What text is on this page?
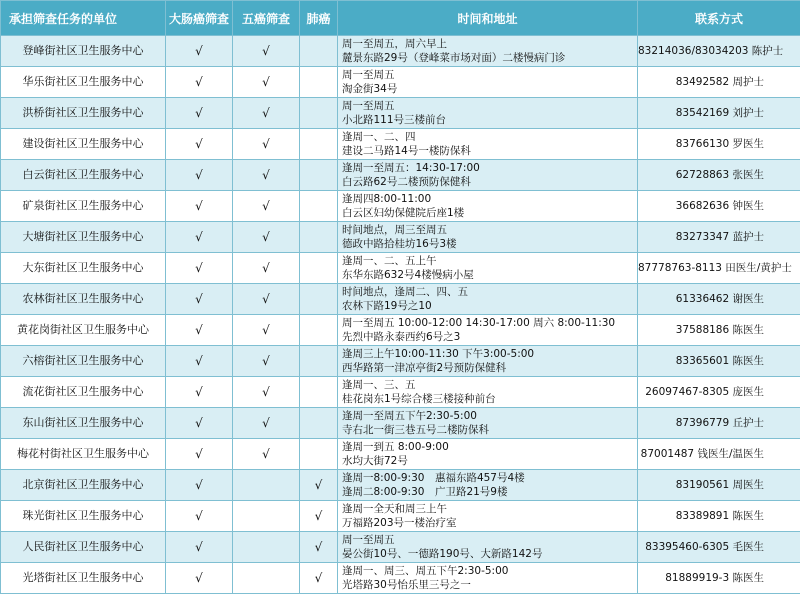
承担筛查任务的单位	大肠癌筛查	五癌筛查	肺癌	时间和地址	联系方式
登峰街社区卫生服务中心	√	√		周一至周五，周六早上
麓景东路29号（登峰菜市场对面）二楼慢病门诊	83214036/83034203 陈护士
华乐街社区卫生服务中心	√	√		周一至周五
淘金街34号	83492582 周护士
洪桥街社区卫生服务中心	√	√		周一至周五
小北路111号三楼前台	83542169 刘护士
建设街社区卫生服务中心	√	√		逢周一、二、四
建设二马路14号一楼防保科	83766130 罗医生
白云街社区卫生服务中心	√	√		逢周一至周五：14:30-17:00
白云路62号二楼预防保健科	62728863 张医生
矿泉街社区卫生服务中心	√	√		逢周四8:00-11:00
白云区妇幼保健院后座1楼	36682636 钟医生
大塘街社区卫生服务中心	√	√		时间地点，周三至周五
德政中路拾桂坊16号3楼	83273347 蓝护士
大东街社区卫生服务中心	√	√		逢周一、二、五上午
东华东路632号4楼慢病小屋	87778763-8113 田医生/黄护士
农林街社区卫生服务中心	√	√		时间地点，逢周二、四、五
农林下路19号之10	61336462 谢医生
黄花岗街社区卫生服务中心	√	√		周一至周五 10:00-12:00 14:30-17:00 周六 8:00-11:30
先烈中路永泰西约6号之3	37588186 陈医生
六榕街社区卫生服务中心	√	√		逢周三上午10:00-11:30 下午3:00-5:00
西华路第一津凉亭街2号预防保健科	83365601 陈医生
流花街社区卫生服务中心	√	√		逢周一、三、五
桂花岗东1号综合楼三楼接种前台	26097467-8305 庞医生
东山街社区卫生服务中心	√	√		逢周一至周五下午2:30-5:00
寺右北一街三巷五号二楼防保科	87396779 丘护士
梅花村街社区卫生服务中心	√	√		逢周一到五 8:00-9:00
水均大街72号	87001487 钱医生/温医生
北京街社区卫生服务中心	√		√	逢周一8:00-9:30　惠福东路457号4楼
逢周二8:00-9:30　广卫路21号9楼	83190561 周医生
珠光街社区卫生服务中心	√		√	逢周一全天和周三上午
万福路203号一楼治疗室	83389891 陈医生
人民街社区卫生服务中心	√		√	周一至周五
晏公街10号、一德路190号、大新路142号	83395460-6305 毛医生
光塔街社区卫生服务中心	√		√	逢周一、周三、周五下午2:30-5:00
光塔路30号怡乐里三号之一	81889919-3 陈医生
